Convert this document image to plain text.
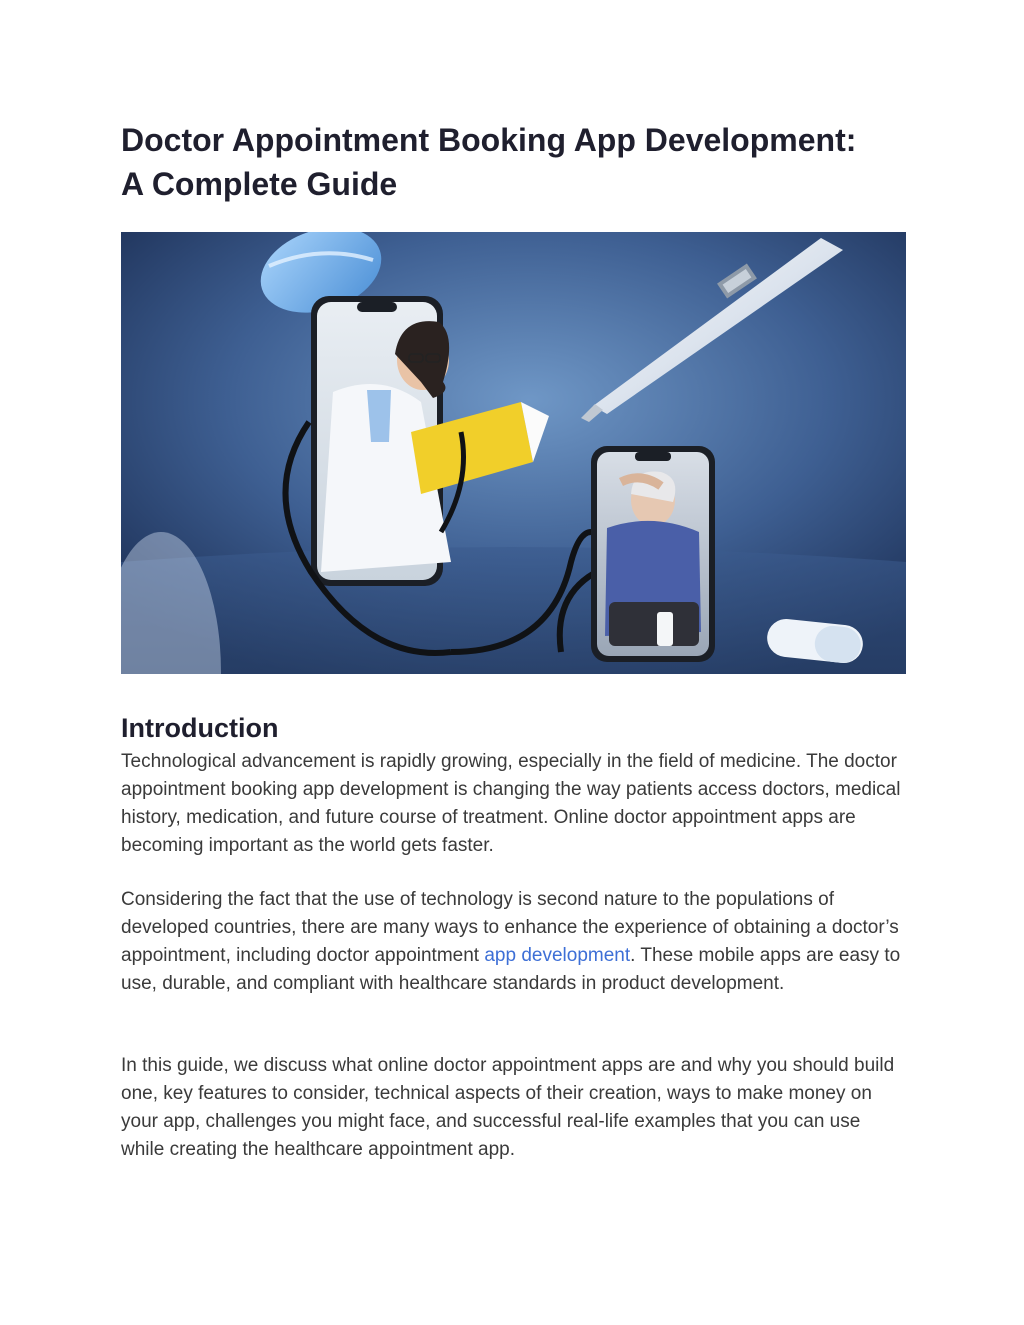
Doctor Appointment Booking App Development:
A Complete Guide
Introduction

Technological advancement is rapidly growing, especially in the field of medicine. The doctor appointment booking app development is changing the way patients access doctors, medical history, medication, and future course of treatment. Online doctor appointment apps are becoming important as the world gets faster.

Considering the fact that the use of technology is second nature to the populations of developed countries, there are many ways to enhance the experience of obtaining a doctor’s appointment, including doctor appointment app development. These mobile apps are easy to use, durable, and compliant with healthcare standards in product development.

In this guide, we discuss what online doctor appointment apps are and why you should build one, key features to consider, technical aspects of their creation, ways to make money on your app, challenges you might face, and successful real-life examples that you can use while creating the healthcare appointment app.
